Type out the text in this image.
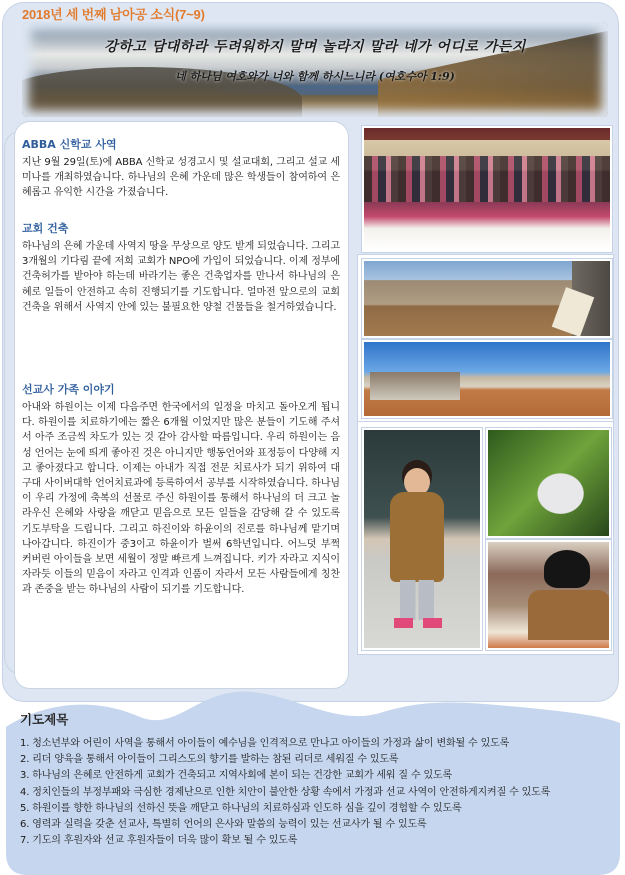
2018년 세 번째 남아공 소식(7~9)
강하고 담대하라 두려워하지 말며 놀라지 말라 네가 어디로 가든지
네 하나님 여호와가 너와 함께 하시느니라 (여호수아 1:9)
ABBA 신학교 사역

지난 9월 29일(토)에 ABBA 신학교 성경고시 및 설교대회, 그리고 설교 세미나를 개최하였습니다. 하나님의 은혜 가운데 많은 학생들이 참여하여 은혜롭고 유익한 시간을 가졌습니다.

교회 건축

하나님의 은혜 가운데 사역지 땅을 무상으로 양도 받게 되었습니다. 그리고 3개월의 기다림 끝에 저희 교회가 NPO에 가입이 되었습니다. 이제 정부에 건축허가를 받아야 하는데 바라기는 좋은 건축업자를 만나서 하나님의 은혜로 일들이 안전하고 속히 진행되기를 기도합니다. 얼마전 앞으로의 교회 건축을 위해서 사역지 안에 있는 불필요한 양철 건물들을 철거하였습니다.

선교사 가족 이야기

아내와 하원이는 이제 다음주면 한국에서의 일정을 마치고 돌아오게 됩니다. 하원이를 치료하기에는 짧은 6개월 이었지만 많은 분들이 기도해 주셔서 아주 조금씩 차도가 있는 것 같아 감사할 따름입니다. 우리 하원이는 음성 언어는 눈에 띄게 좋아진 것은 아니지만 행동언어와 표정등이 다양해 지고 좋아졌다고 합니다. 이제는 아내가 직접 전문 치료사가 되기 위하여 대구대 사이버대학 언어치료과에 등록하여서 공부를 시작하였습니다. 하나님이 우리 가정에 축복의 선물로 주신 하원이를 통해서 하나님의 더 크고 놀라우신 은혜와 사랑을 깨닫고 믿음으로 모든 일들을 감당해 갈 수 있도록 기도부탁을 드립니다. 그리고 하진이와 하윤이의 진로를 하나님께 맡기며 나아갑니다. 하진이가 중3이고 하윤이가 벌써 6학년입니다. 어느덧 부쩍 커버린 아이들을 보면 세월이 정말 빠르게 느껴집니다. 키가 자라고 지식이 자라듯 이들의 믿음이 자라고 인격과 인품이 자라서 모든 사람들에게 칭찬과 존중을 받는 하나님의 사람이 되기를 기도합니다.

기도제목
1. 청소년부와 어린이 사역을 통해서 아이들이 예수님을 인격적으로 만나고 아이들의 가정과 삶이 변화될 수 있도록
2. 리더 양육을 통해서 아이들이 그리스도의 향기를 발하는 참된 리더로 세워질 수 있도록
3. 하나님의 은혜로 안전하게 교회가 건축되고 지역사회에 본이 되는 건강한 교회가 세워 질 수 있도록
4. 정치인들의 부정부패와 극심한 경제난으로 인한 치안이 불안한 상황 속에서 가정과 선교 사역이 안전하게지켜질 수 있도록
5. 하원이를 향한 하나님의 선하신 뜻을 깨닫고 하나님의 치료하심과 인도하 심을 깊이 경험할 수 있도록
6. 영력과 실력을 갖춘 선교사, 특별히 언어의 은사와 말씀의 능력이 있는 선교사가 될 수 있도록
7. 기도의 후원자와 선교 후원자들이 더욱 많이 확보 될 수 있도록
